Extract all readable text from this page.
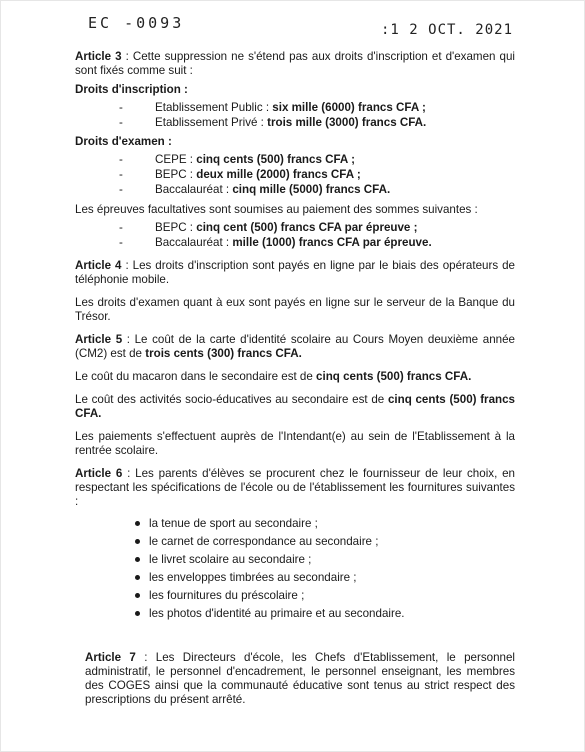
EC -0093	:1 2 OCT. 2021

Article 3 : Cette suppression ne s'étend pas aux droits d'inscription et d'examen qui sont fixés comme suit :

Droits d'inscription :

- Etablissement Public : six mille (6000) francs CFA ;
- Etablissement Privé : trois mille (3000) francs CFA.

Droits d'examen :

- CEPE : cinq cents (500) francs CFA ;
- BEPC : deux mille (2000) francs CFA ;
- Baccalauréat : cinq mille (5000) francs CFA.

Les épreuves facultatives sont soumises au paiement des sommes suivantes :

- BEPC : cinq cent (500) francs CFA par épreuve ;
- Baccalauréat : mille (1000) francs CFA par épreuve.

Article 4 : Les droits d'inscription sont payés en ligne par le biais des opérateurs de téléphonie mobile.

Les droits d'examen quant à eux sont payés en ligne sur le serveur de la Banque du Trésor.

Article 5 : Le coût de la carte d'identité scolaire au Cours Moyen deuxième année (CM2) est de trois cents (300) francs CFA.

Le coût du macaron dans le secondaire est de cinq cents (500) francs CFA.

Le coût des activités socio-éducatives au secondaire est de cinq cents (500) francs CFA.

Les paiements s'effectuent auprès de l'Intendant(e) au sein de l'Etablissement à la rentrée scolaire.

Article 6 : Les parents d'élèves se procurent chez le fournisseur de leur choix, en respectant les spécifications de l'école ou de l'établissement les fournitures suivantes :

la tenue de sport au secondaire ;
le carnet de correspondance au secondaire ;
le livret scolaire au secondaire ;
les enveloppes timbrées au secondaire ;
les fournitures du préscolaire ;
les photos d'identité au primaire et au secondaire.

Article 7 : Les Directeurs d'école, les Chefs d'Etablissement, le personnel administratif, le personnel d'encadrement, le personnel enseignant, les membres des COGES ainsi que la communauté éducative sont tenus au strict respect des prescriptions du présent arrêté.
